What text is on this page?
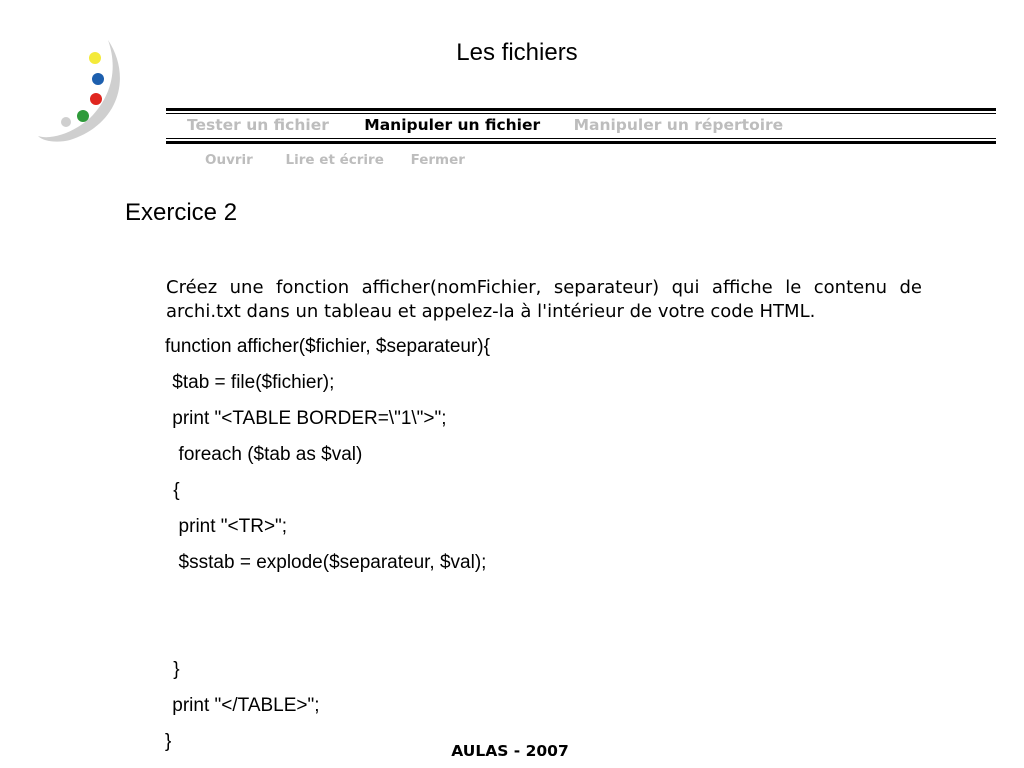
Les fichiers
Tester un fichier Manipuler un fichier Manipuler un répertoire
Ouvrir Lire et écrire Fermer
Exercice 2
Créez une fonction afficher(nomFichier, separateur) qui affiche le contenu de archi.txt dans un tableau et appelez-la à l'intérieur de votre code HTML.
function afficher($fichier, $separateur){
$tab = file($fichier);
print "<TABLE BORDER=\"1\">";
foreach ($tab as $val)
{
print "<TR>";
$sstab = explode($separateur, $val);
}
print "</TABLE>";
}	AULAS - 2007
